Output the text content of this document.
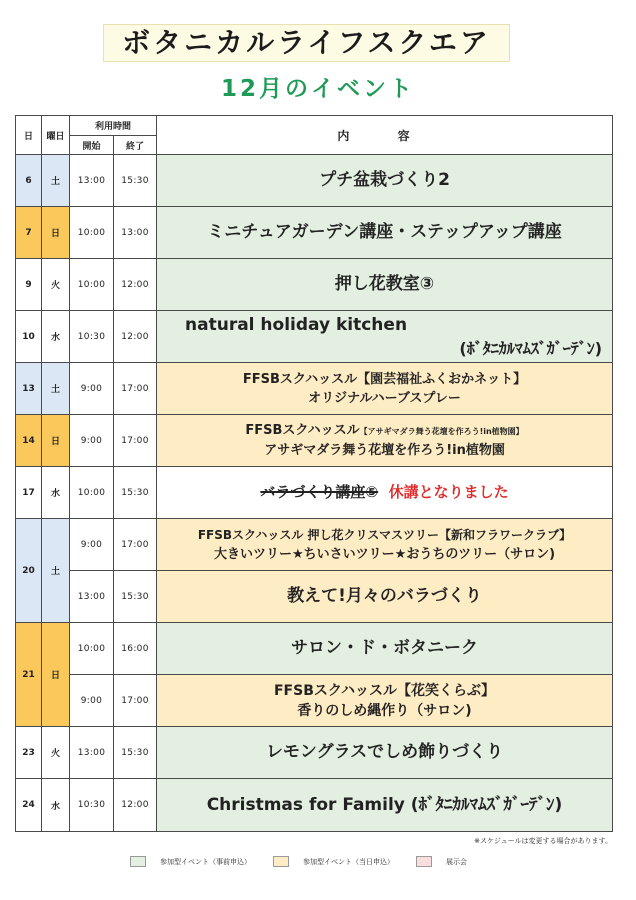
ボタニカルライフスクエア
12月のイベント
日	曜日	利用時間		内 容
		開始	終了	
6	土	13:00	15:30	プチ盆栽づくり2
7	日	10:00	13:00	ミニチュアガーデン講座・ステップアップ講座
9	火	10:00	12:00	押し花教室③
10	水	10:30	12:00	natural holiday kitchen
(ﾎﾞﾀﾆｶﾙﾏﾑｽﾞｶﾞｰﾃﾞﾝ)

13	土	9:00	17:00	FFSBスクハッスル【園芸福祉ふくおかネット】
オリジナルハーブスプレー

14	日	9:00	17:00	FFSBスクハッスル【アサギマダラ舞う花壇を作ろう!in植物園】
アサギマダラ舞う花壇を作ろう!in植物園

17	水	10:00	15:30	バラづくり講座⑤ 休講となりました
20	土	9:00	17:00	FFSBスクハッスル 押し花クリスマスツリー【新和フラワークラブ】
大きいツリー★ちいさいツリー★おうちのツリー（サロン)

		13:00	15:30	教えて!月々のバラづくり
21	日	10:00	16:00	サロン・ド・ボタニーク
		9:00	17:00	FFSBスクハッスル【花笑くらぶ】
香りのしめ縄作り（サロン)

23	火	13:00	15:30	レモングラスでしめ飾りづくり
24	水	10:30	12:00	Christmas for Family (ﾎﾞﾀﾆｶﾙﾏﾑｽﾞｶﾞｰﾃﾞﾝ)
※スケジュールは変更する場合があります。
参加型イベント（事前申込）	参加型イベント（当日申込）	展示会
